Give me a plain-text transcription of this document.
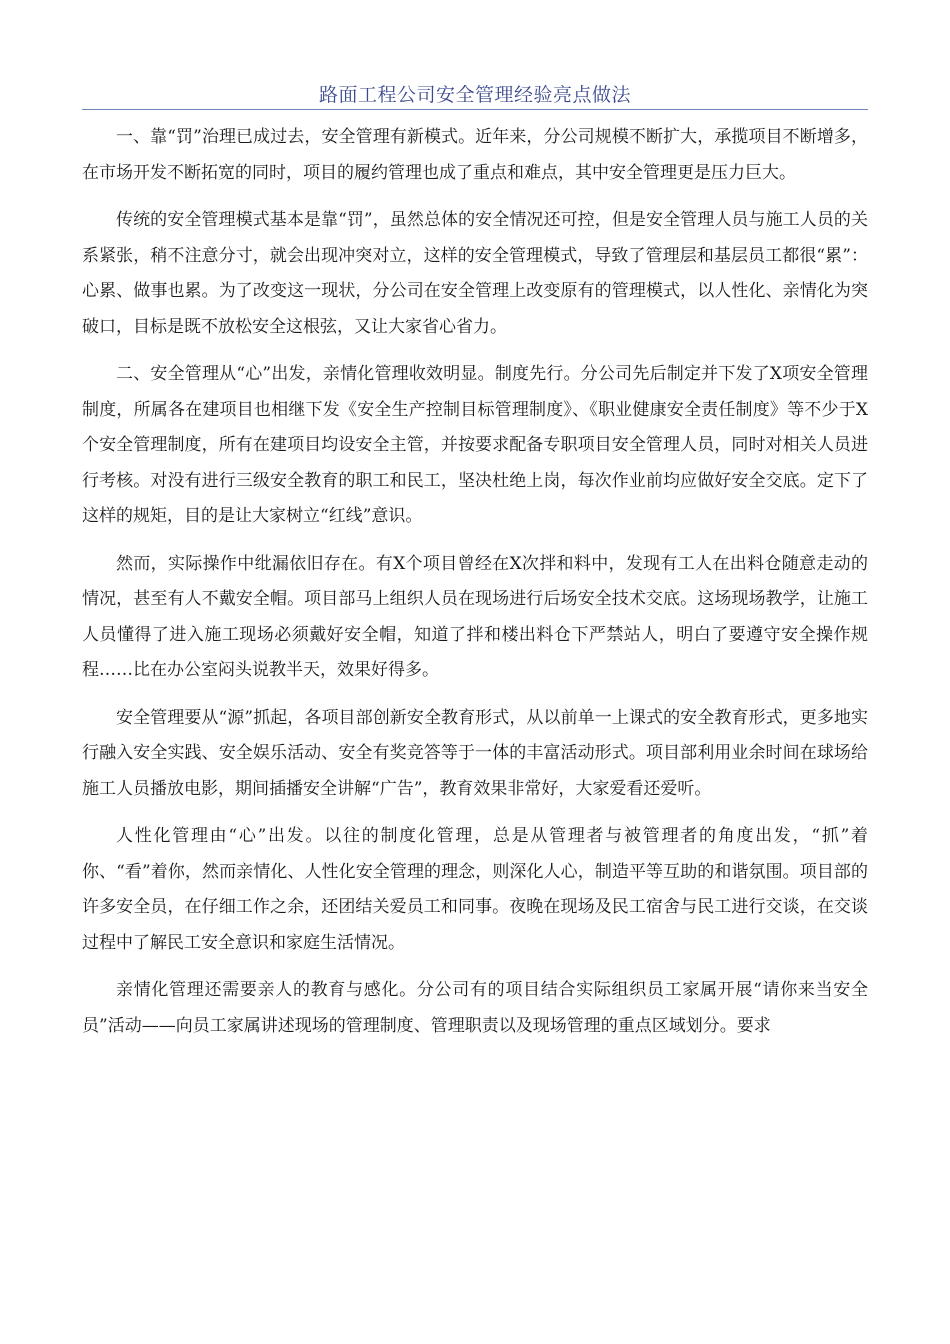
路面工程公司安全管理经验亮点做法

一、靠“罚”治理已成过去，安全管理有新模式。近年来，分公司规模不断扩大，承揽项目不断增多，在市场开发不断拓宽的同时，项目的履约管理也成了重点和难点，其中安全管理更是压力巨大。

传统的安全管理模式基本是靠“罚”，虽然总体的安全情况还可控，但是安全管理人员与施工人员的关系紧张，稍不注意分寸，就会出现冲突对立，这样的安全管理模式，导致了管理层和基层员工都很“累”：心累、做事也累。为了改变这一现状，分公司在安全管理上改变原有的管理模式，以人性化、亲情化为突破口，目标是既不放松安全这根弦，又让大家省心省力。

二、安全管理从“心”出发，亲情化管理收效明显。制度先行。分公司先后制定并下发了X项安全管理制度，所属各在建项目也相继下发《安全生产控制目标管理制度》、《职业健康安全责任制度》等不少于X个安全管理制度，所有在建项目均设安全主管，并按要求配备专职项目安全管理人员，同时对相关人员进行考核。对没有进行三级安全教育的职工和民工，坚决杜绝上岗，每次作业前均应做好安全交底。定下了这样的规矩，目的是让大家树立“红线”意识。

然而，实际操作中纰漏依旧存在。有X个项目曾经在X次拌和料中，发现有工人在出料仓随意走动的情况，甚至有人不戴安全帽。项目部马上组织人员在现场进行后场安全技术交底。这场现场教学，让施工人员懂得了进入施工现场必须戴好安全帽，知道了拌和楼出料仓下严禁站人，明白了要遵守安全操作规程……比在办公室闷头说教半天，效果好得多。

安全管理要从“源”抓起，各项目部创新安全教育形式，从以前单一上课式的安全教育形式，更多地实行融入安全实践、安全娱乐活动、安全有奖竞答等于一体的丰富活动形式。项目部利用业余时间在球场给施工人员播放电影，期间插播安全讲解“广告”，教育效果非常好，大家爱看还爱听。

人性化管理由“心”出发。以往的制度化管理，总是从管理者与被管理者的角度出发，“抓”着你、“看”着你，然而亲情化、人性化安全管理的理念，则深化人心，制造平等互助的和谐氛围。项目部的许多安全员，在仔细工作之余，还团结关爱员工和同事。夜晚在现场及民工宿舍与民工进行交谈，在交谈过程中了解民工安全意识和家庭生活情况。

亲情化管理还需要亲人的教育与感化。分公司有的项目结合实际组织员工家属开展“请你来当安全员”活动——向员工家属讲述现场的管理制度、管理职责以及现场管理的重点区域划分。要求
